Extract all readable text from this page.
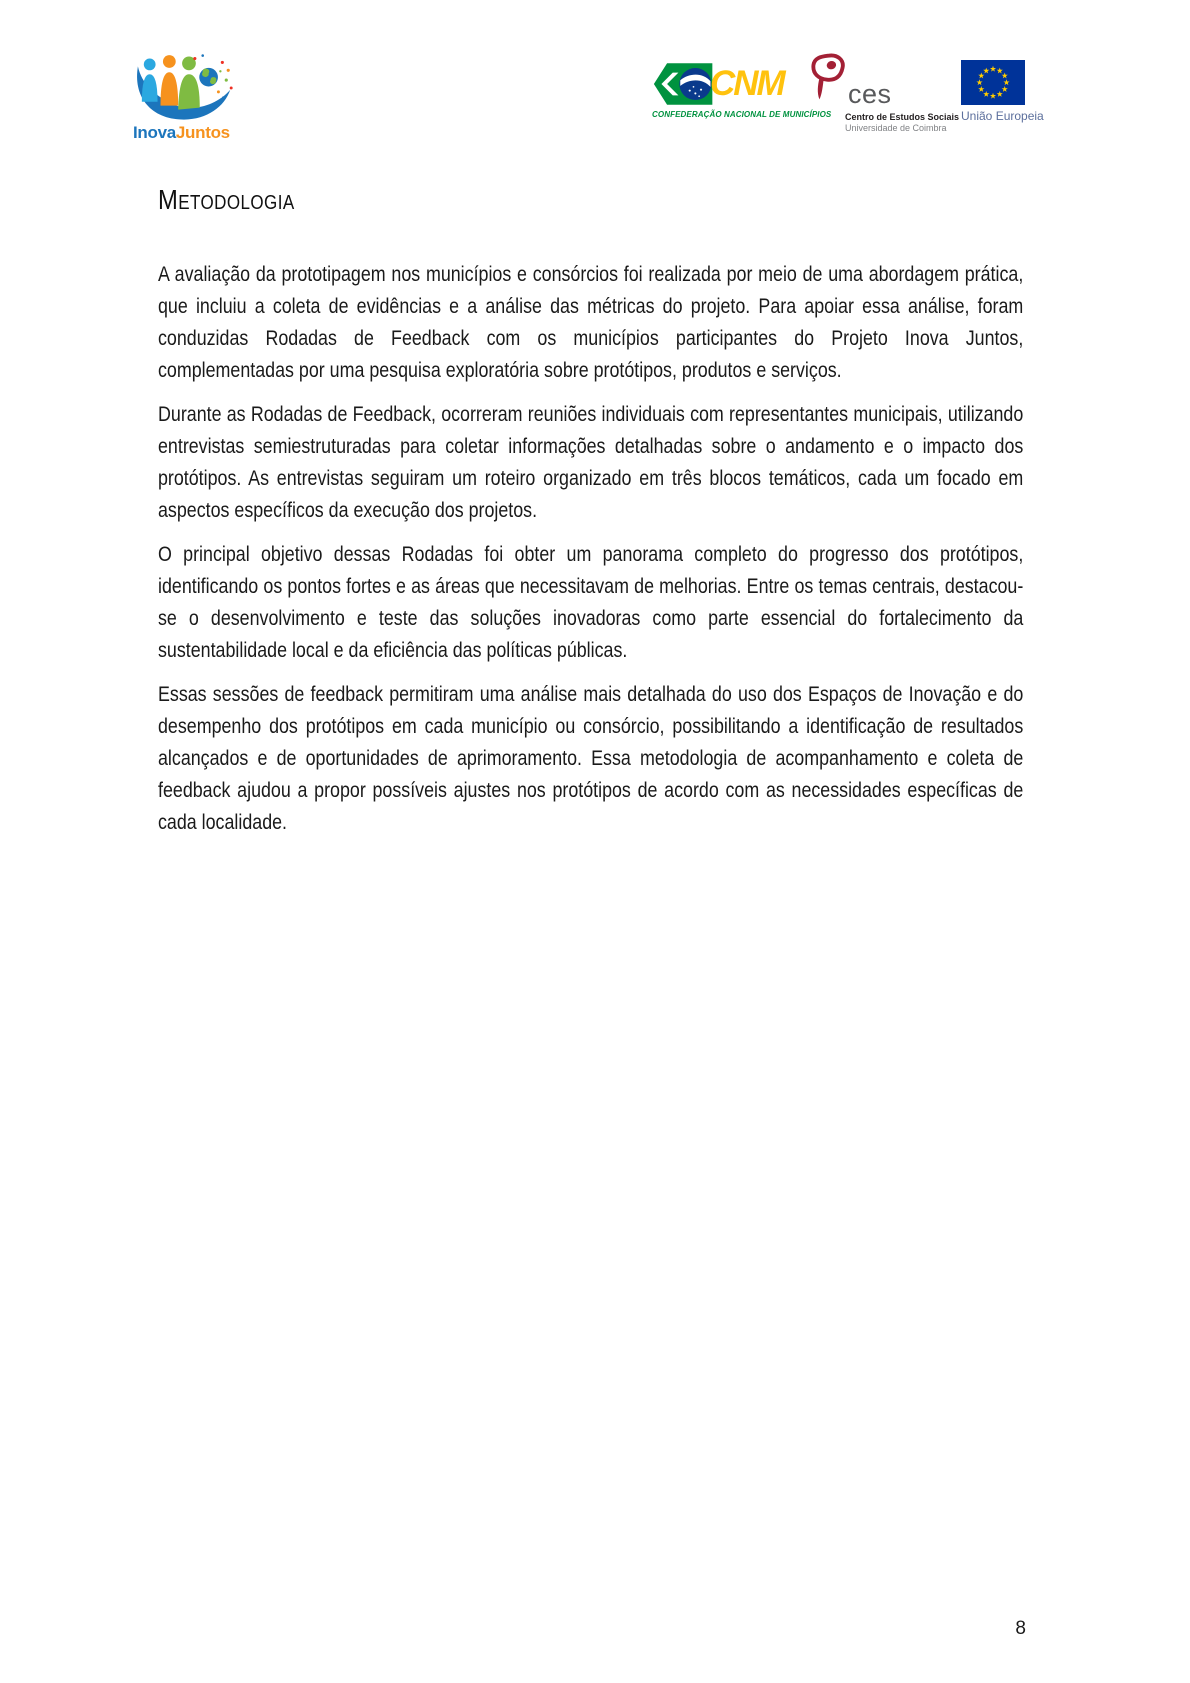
InovaJuntos
CNM
CONFEDERAÇÃO NACIONAL DE MUNICÍPIOS
ces
Centro de Estudos Sociais
Universidade de Coimbra
União Europeia
Metodologia

A avaliação da prototipagem nos municípios e consórcios foi realizada por meio de uma abordagem prática, que incluiu a coleta de evidências e a análise das métricas do projeto. Para apoiar essa análise, foram conduzidas Rodadas de Feedback com os municípios participantes do Projeto Inova Juntos, complementadas por uma pesquisa exploratória sobre protótipos, produtos e serviços.

Durante as Rodadas de Feedback, ocorreram reuniões individuais com representantes municipais, utilizando entrevistas semiestruturadas para coletar informações detalhadas sobre o andamento e o impacto dos protótipos. As entrevistas seguiram um roteiro organizado em três blocos temáticos, cada um focado em aspectos específicos da execução dos projetos.

O principal objetivo dessas Rodadas foi obter um panorama completo do progresso dos protótipos, identificando os pontos fortes e as áreas que necessitavam de melhorias. Entre os temas centrais, destacou-se o desenvolvimento e teste das soluções inovadoras como parte essencial do fortalecimento da sustentabilidade local e da eficiência das políticas públicas.

Essas sessões de feedback permitiram uma análise mais detalhada do uso dos Espaços de Inovação e do desempenho dos protótipos em cada município ou consórcio, possibilitando a identificação de resultados alcançados e de oportunidades de aprimoramento. Essa metodologia de acompanhamento e coleta de feedback ajudou a propor possíveis ajustes nos protótipos de acordo com as necessidades específicas de cada localidade.

8
